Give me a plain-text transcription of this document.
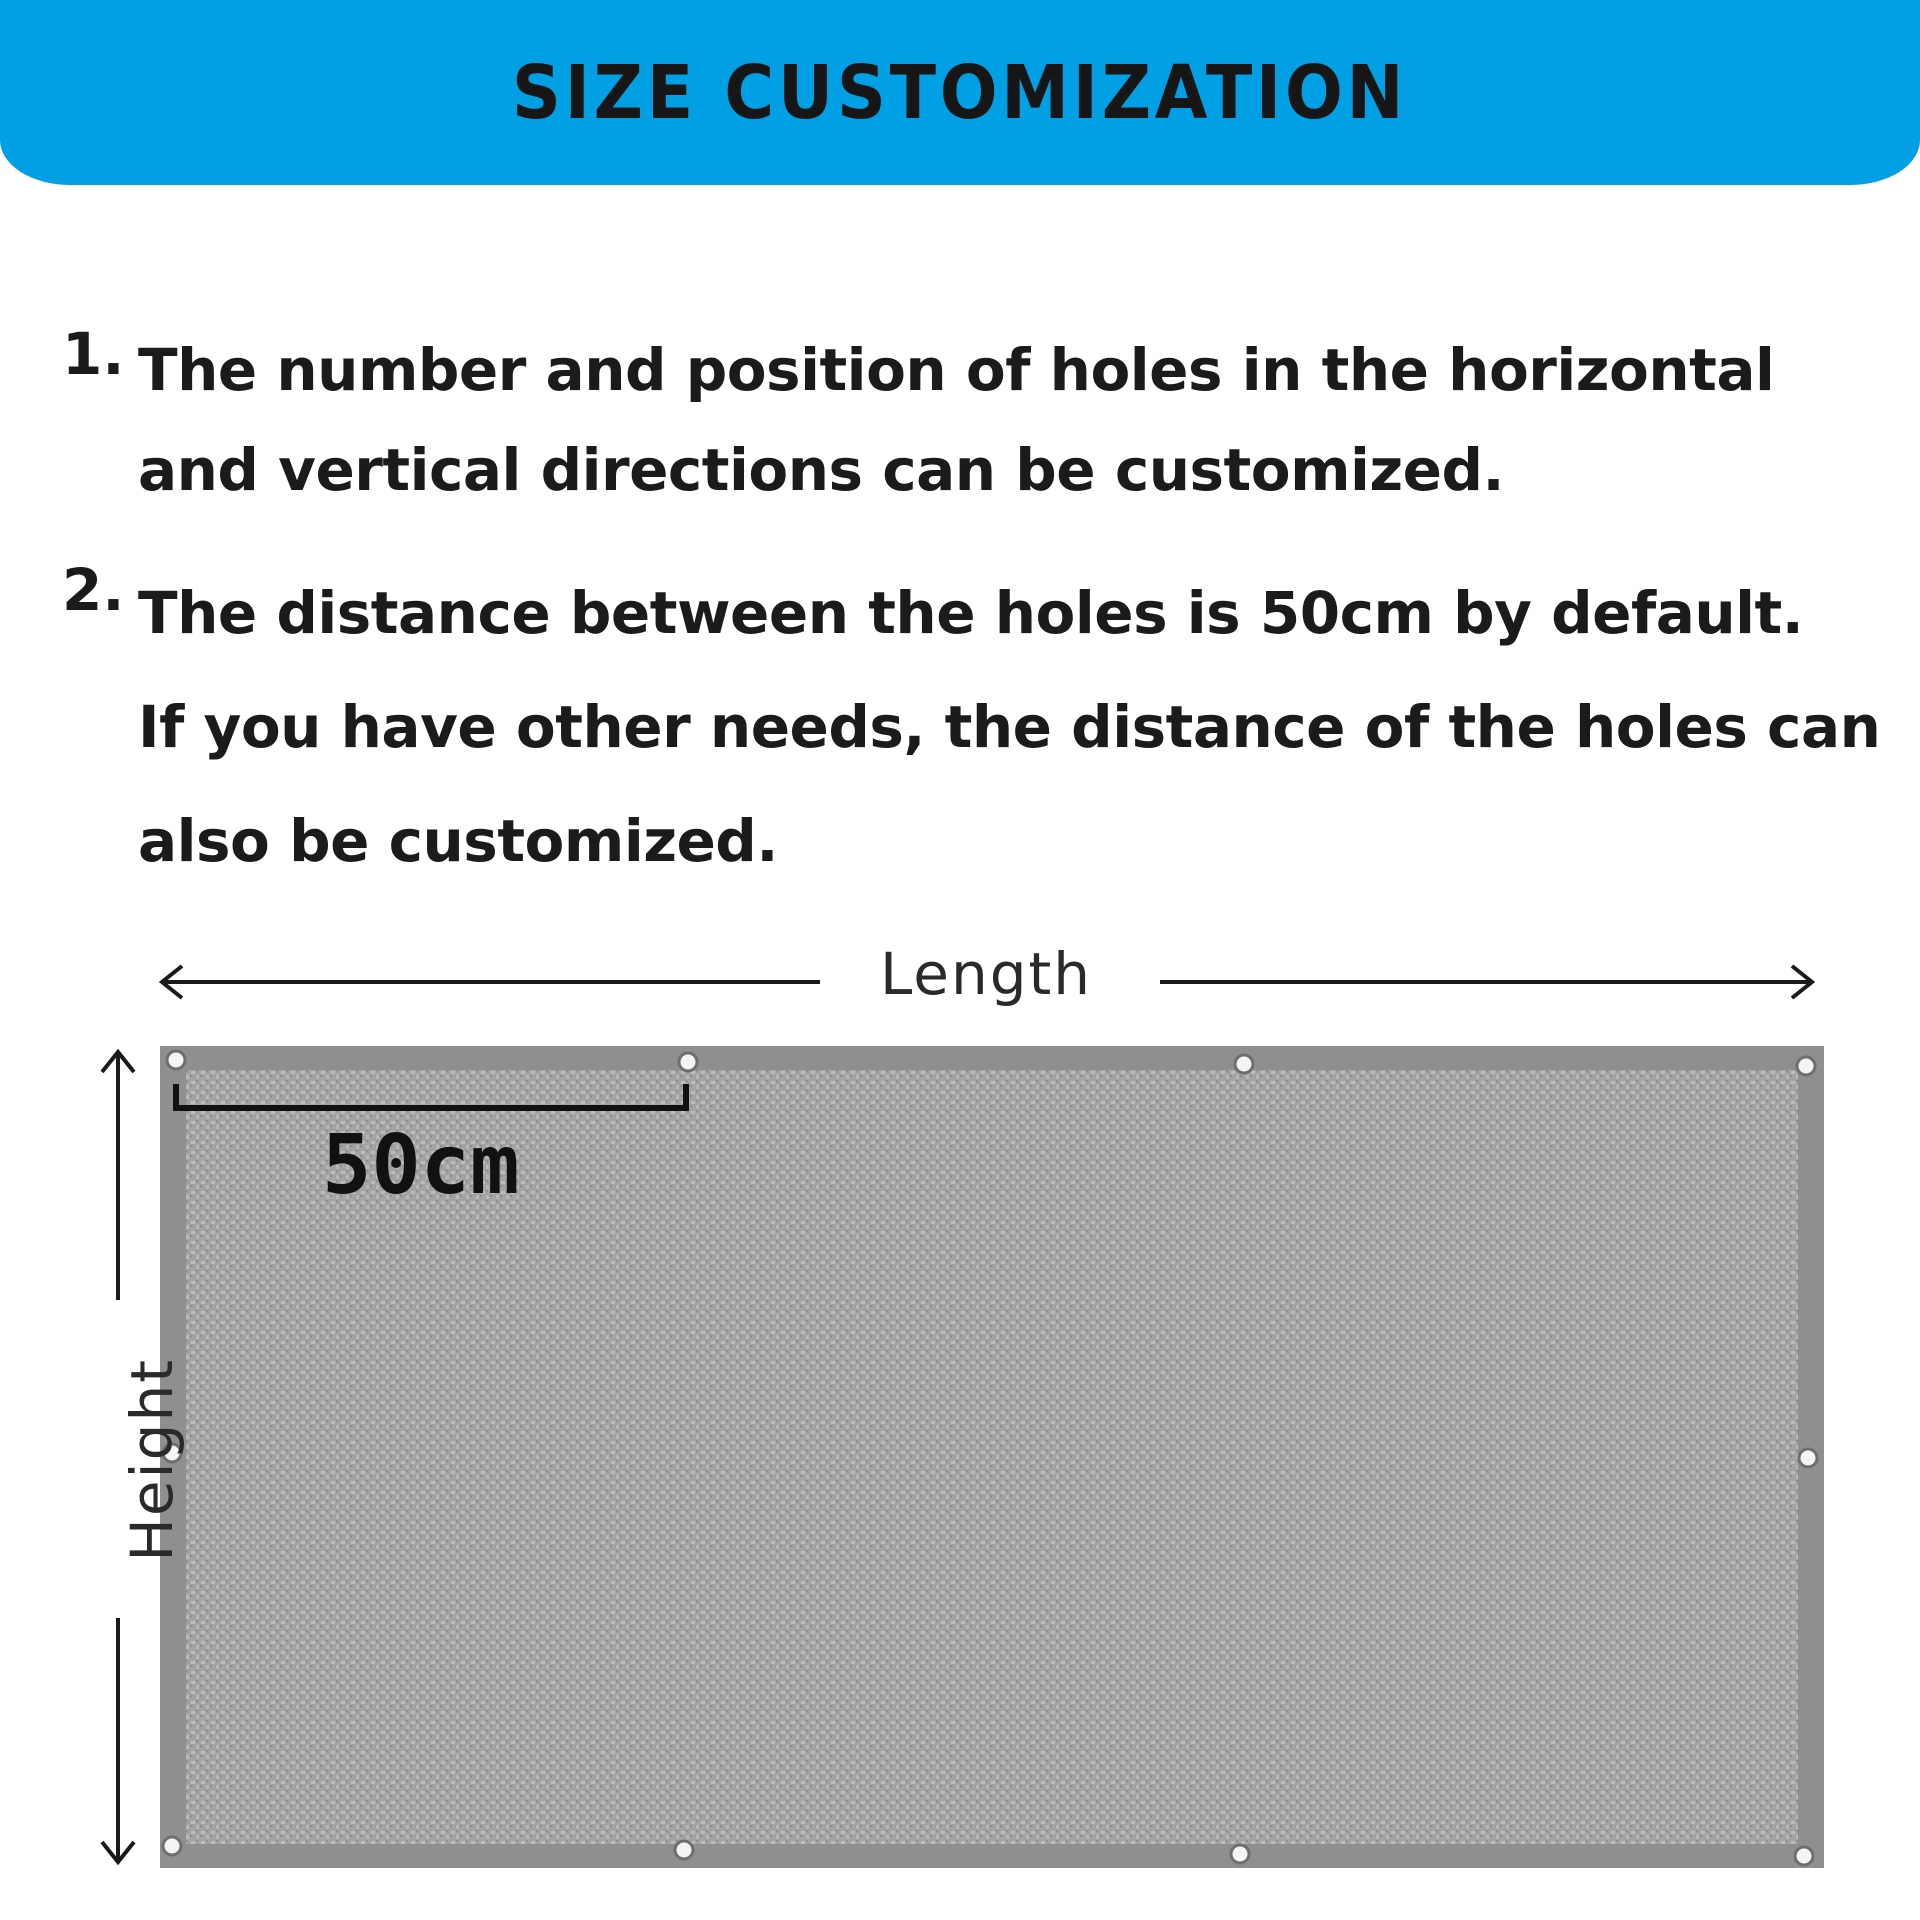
SIZE CUSTOMIZATION
1. The number and position of holes in the horizontal
and vertical directions can be customized.
2. The distance between the holes is 50cm by default.
If you have other needs, the distance of the holes can
also be customized.
Length
Height
50cm
